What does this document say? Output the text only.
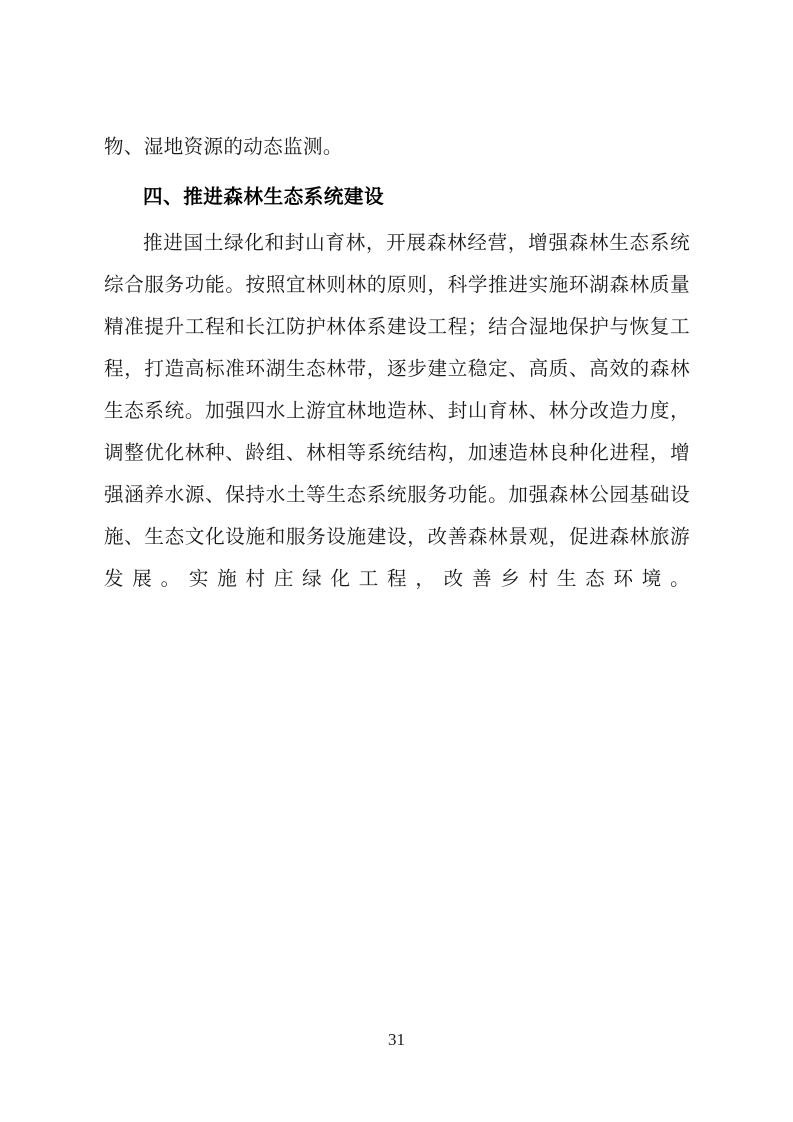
物、湿地资源的动态监测。
四、推进森林生态系统建设
推进国土绿化和封山育林，开展森林经营，增强森林生态系统综合服务功能。按照宜林则林的原则，科学推进实施环湖森林质量精准提升工程和长江防护林体系建设工程；结合湿地保护与恢复工程，打造高标准环湖生态林带，逐步建立稳定、高质、高效的森林生态系统。加强四水上游宜林地造林、封山育林、林分改造力度，调整优化林种、龄组、林相等系统结构，加速造林良种化进程，增强涵养水源、保持水土等生态系统服务功能。加强森林公园基础设施、生态文化设施和服务设施建设，改善森林景观，促进森林旅游发展。实施村庄绿化工程，改善乡村生态环境。
31
